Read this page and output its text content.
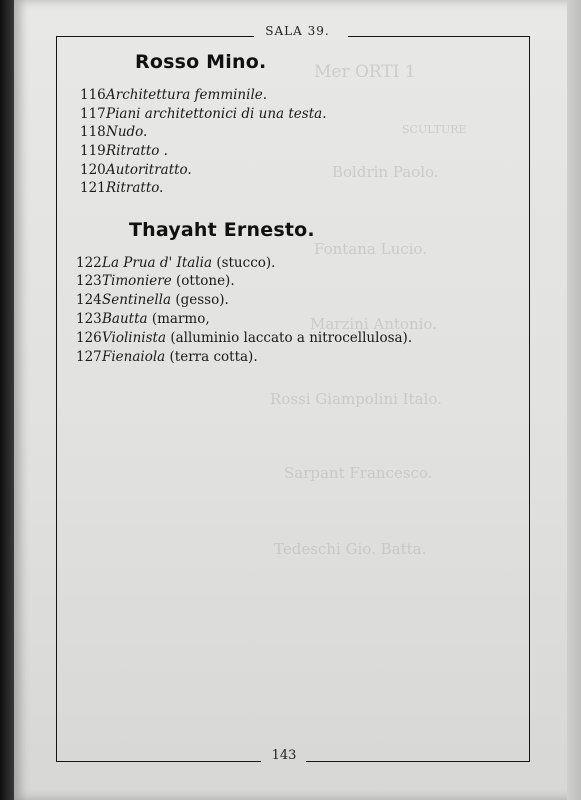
Mer ORTI 1
SCULTURE
Boldrin Paolo.
Fontana Lucio.
Marzini Antonio.
Rossi Giampolini Italo.
Sarpant Francesco.
Tedeschi Gio. Batta.
SALA 39.
Rosso Mino.
116Architettura femminile.
117Piani architettonici di una testa.
118Nudo.
119Ritratto .
120Autoritratto.
121Ritratto.
Thayaht Ernesto.
122La Prua d' Italia (stucco).
123Timoniere (ottone).
124Sentinella (gesso).
123Bautta (marmo,
126Violinista (alluminio laccato a nitrocellulosa).
127Fienaiola (terra cotta).
143
